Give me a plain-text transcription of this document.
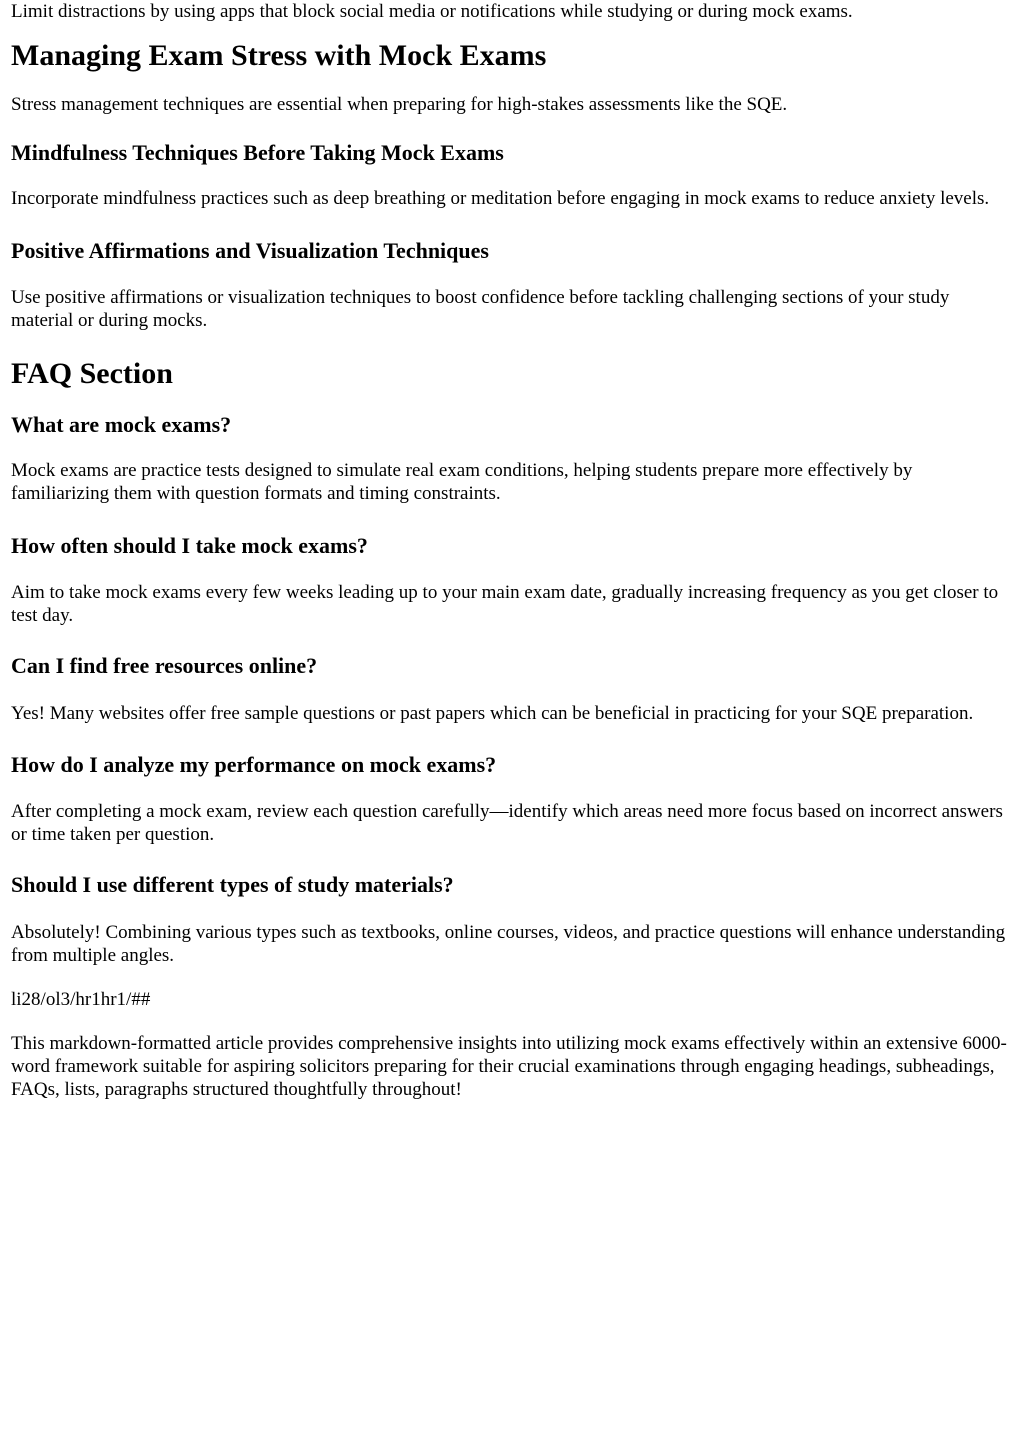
Limit distractions by using apps that block social media or notifications while studying or during mock exams.

Managing Exam Stress with Mock Exams

Stress management techniques are essential when preparing for high-stakes assessments like the SQE.

Mindfulness Techniques Before Taking Mock Exams

Incorporate mindfulness practices such as deep breathing or meditation before engaging in mock exams to reduce anxiety levels.

Positive Affirmations and Visualization Techniques

Use positive affirmations or visualization techniques to boost confidence before tackling challenging sections of your study material or during mocks.

FAQ Section
What are mock exams?

Mock exams are practice tests designed to simulate real exam conditions, helping students prepare more effectively by familiarizing them with question formats and timing constraints.

How often should I take mock exams?

Aim to take mock exams every few weeks leading up to your main exam date, gradually increasing frequency as you get closer to test day.

Can I find free resources online?

Yes! Many websites offer free sample questions or past papers which can be beneficial in practicing for your SQE preparation.

How do I analyze my performance on mock exams?

After completing a mock exam, review each question carefully—identify which areas need more focus based on incorrect answers or time taken per question.

Should I use different types of study materials?

Absolutely! Combining various types such as textbooks, online courses, videos, and practice questions will enhance understanding from multiple angles.

li28/ol3/hr1hr1/##

This markdown-formatted article provides comprehensive insights into utilizing mock exams effectively within an extensive 6000-word framework suitable for aspiring solicitors preparing for their crucial examinations through engaging headings, subheadings, FAQs, lists, paragraphs structured thoughtfully throughout!
